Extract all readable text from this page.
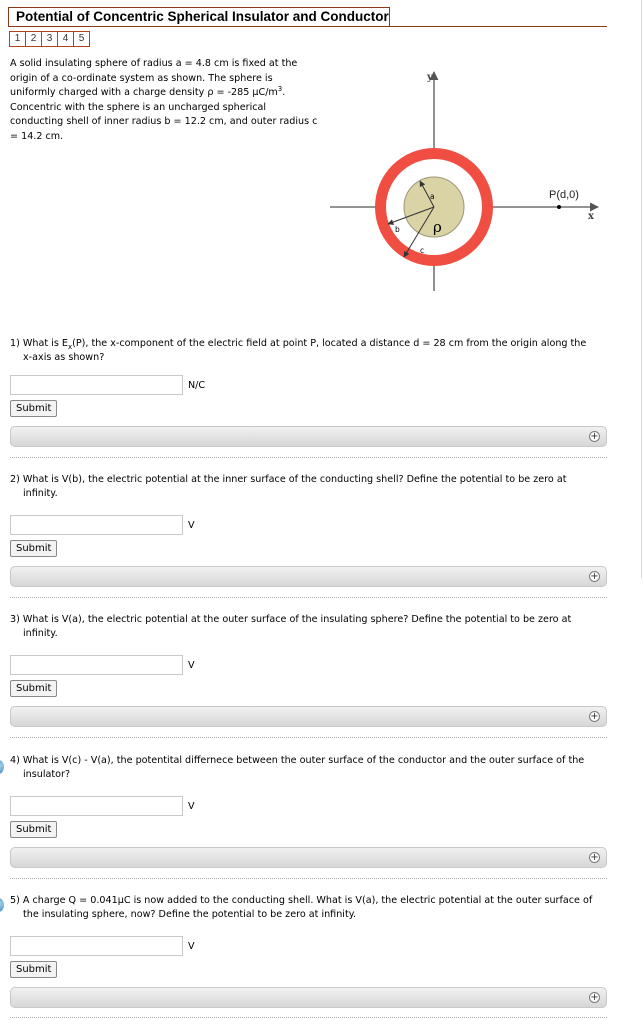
Potential of Concentric Spherical Insulator and Conductor
1	2	3	4	5

A solid insulating sphere of radius a = 4.8 cm is fixed at the
origin of a co-ordinate system as shown. The sphere is
uniformly charged with a charge density ρ = -285 $\mu C/m^3$.
Concentric with the sphere is an uncharged spherical
conducting shell of inner radius b = 12.2 cm, and outer radius c
= 14.2 cm.

y
x
P(d,0)
ρ
a
b
c

1) What is $E_x(P)$, the x-component of the electric field at point P, located a distance d = 28 cm from the origin along the
x-axis as shown?

N/C
Submit
+

2) What is V(b), the electric potential at the inner surface of the conducting shell? Define the potential to be zero at
infinity.

V
Submit
+

3) What is V(a), the electric potential at the outer surface of the insulating sphere? Define the potential to be zero at
infinity.

V
Submit
+

4) What is V(c) - V(a), the potentital differnece between the outer surface of the conductor and the outer surface of the
insulator?

V
Submit
+

5) A charge Q = 0.041μC is now added to the conducting shell. What is V(a), the electric potential at the outer surface of
the insulating sphere, now? Define the potential to be zero at infinity.

V
Submit
+
